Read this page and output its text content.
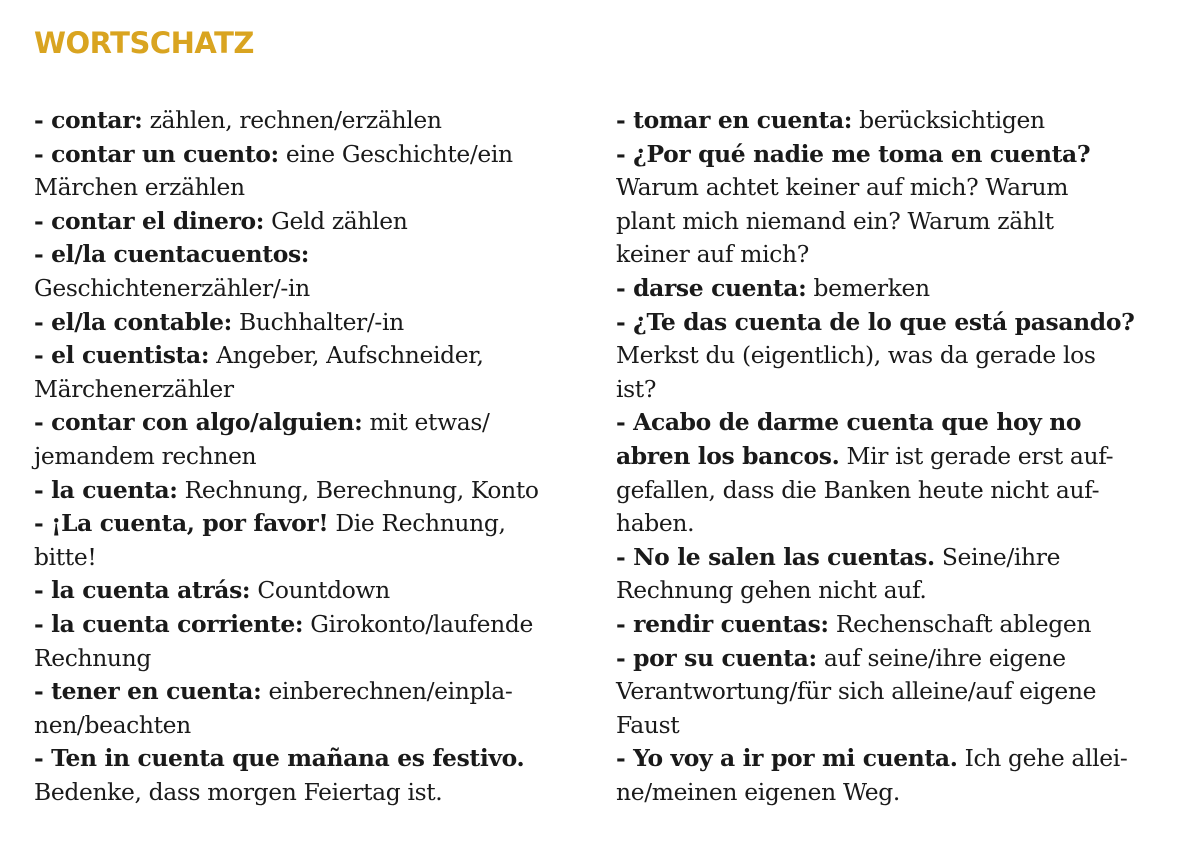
WORTSCHATZ

- contar: zählen, rechnen/erzählen

- contar un cuento: eine Geschichte/ein

Märchen erzählen

- contar el dinero: Geld zählen

- el/la cuentacuentos:

Geschichtenerzähler/-in

- el/la contable: Buchhalter/-in

- el cuentista: Angeber, Aufschneider,

Märchenerzähler

- contar con algo/alguien: mit etwas/

jemandem rechnen

- la cuenta: Rechnung, Berechnung, Konto

- ¡La cuenta, por favor! Die Rechnung,

bitte!

- la cuenta atrás: Countdown

- la cuenta corriente: Girokonto/laufende

Rechnung

- tener en cuenta: einberechnen/einpla-

nen/beachten

- Ten in cuenta que mañana es festivo.

Bedenke, dass morgen Feiertag ist.

- tomar en cuenta: berücksichtigen

- ¿Por qué nadie me toma en cuenta?

Warum achtet keiner auf mich? Warum

plant mich niemand ein? Warum zählt

keiner auf mich?

- darse cuenta: bemerken

- ¿Te das cuenta de lo que está pasando?

Merkst du (eigentlich), was da gerade los

ist?

- Acabo de darme cuenta que hoy no

abren los bancos. Mir ist gerade erst auf-

gefallen, dass die Banken heute nicht auf-

haben.

- No le salen las cuentas. Seine/ihre

Rechnung gehen nicht auf.

- rendir cuentas: Rechenschaft ablegen

- por su cuenta: auf seine/ihre eigene

Verantwortung/für sich alleine/auf eigene

Faust

- Yo voy a ir por mi cuenta. Ich gehe allei-

ne/meinen eigenen Weg.
